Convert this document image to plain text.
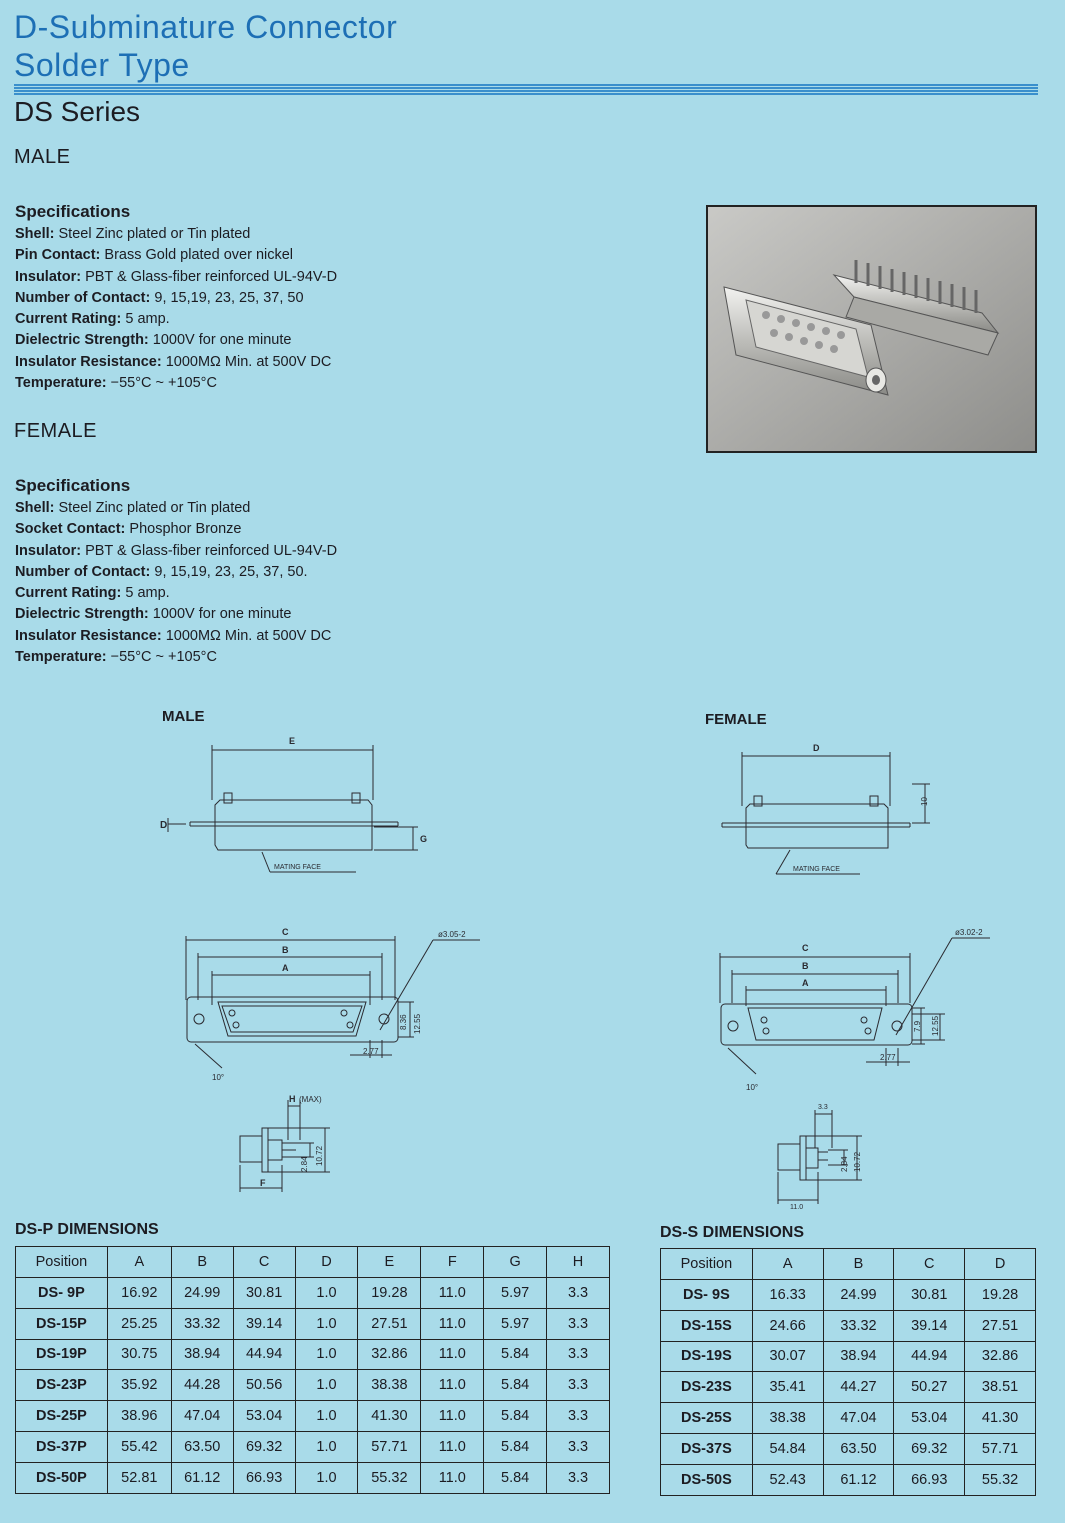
D-Subminature Connector
Solder Type
DS Series
MALE
Specifications
Shell: Steel Zinc plated or Tin plated
Pin Contact: Brass Gold plated over nickel
Insulator: PBT & Glass-fiber reinforced UL-94V-D
Number of Contact: 9, 15,19, 23, 25, 37, 50
Current Rating: 5 amp.
Dielectric Strength: 1000V for one minute
Insulator Resistance: 1000MΩ Min. at 500V DC
Temperature: −55°C ~ +105°C
FEMALE
Specifications
Shell: Steel Zinc plated or Tin plated
Socket Contact: Phosphor Bronze
Insulator: PBT & Glass-fiber reinforced UL-94V-D
Number of Contact: 9, 15,19, 23, 25, 37, 50.
Current Rating: 5 amp.
Dielectric Strength: 1000V for one minute
Insulator Resistance: 1000MΩ Min. at 500V DC
Temperature: −55°C ~ +105°C
MALE	FEMALE
E
D
G
MATING FACE
D
10
MATING FACE
C
B
A
ø3.05-2
8.36 12.55
2.77
10°
C
B
A
ø3.02-2
7.9 12.55
2.77
10°
H (MAX)
2.84 10.72
F
3.3
2.84 10.72
11.0
DS-P DIMENSIONS
Position	A	B	C	D	E	F	G	H
DS- 9P	16.92	24.99	30.81	1.0	19.28	11.0	5.97	3.3
DS-15P	25.25	33.32	39.14	1.0	27.51	11.0	5.97	3.3
DS-19P	30.75	38.94	44.94	1.0	32.86	11.0	5.84	3.3
DS-23P	35.92	44.28	50.56	1.0	38.38	11.0	5.84	3.3
DS-25P	38.96	47.04	53.04	1.0	41.30	11.0	5.84	3.3
DS-37P	55.42	63.50	69.32	1.0	57.71	11.0	5.84	3.3
DS-50P	52.81	61.12	66.93	1.0	55.32	11.0	5.84	3.3
DS-S DIMENSIONS
Position	A	B	C	D
DS- 9S	16.33	24.99	30.81	19.28
DS-15S	24.66	33.32	39.14	27.51
DS-19S	30.07	38.94	44.94	32.86
DS-23S	35.41	44.27	50.27	38.51
DS-25S	38.38	47.04	53.04	41.30
DS-37S	54.84	63.50	69.32	57.71
DS-50S	52.43	61.12	66.93	55.32
